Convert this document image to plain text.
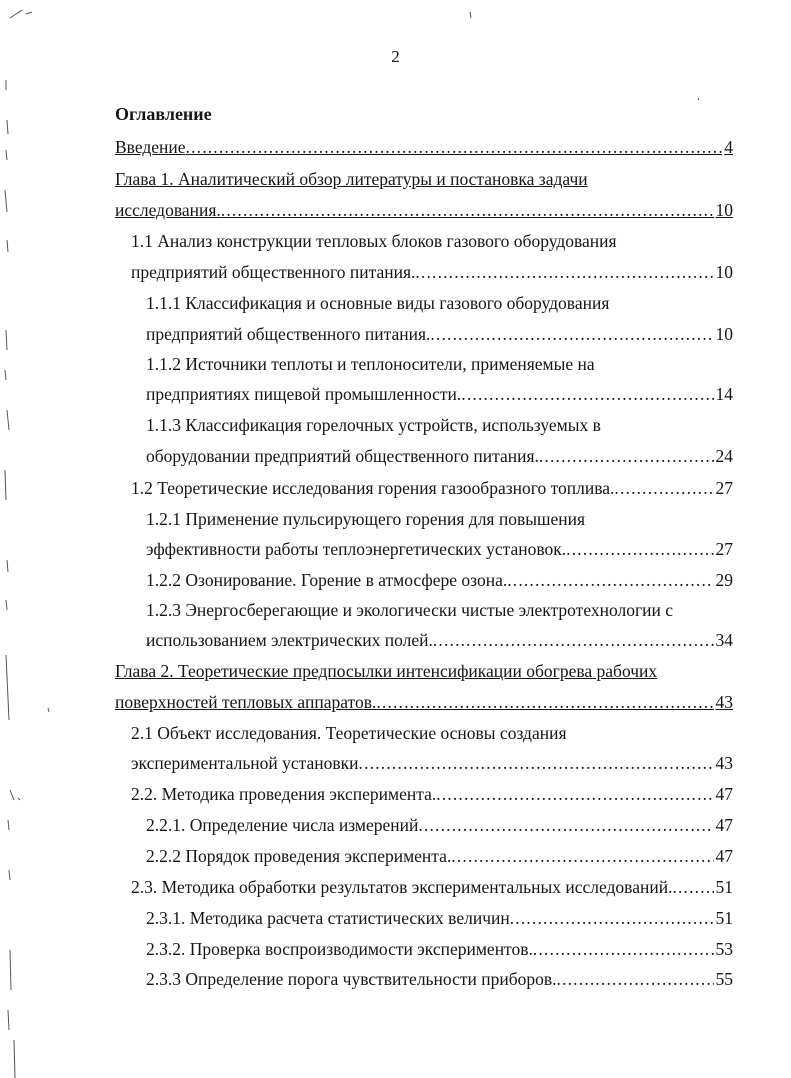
2
Оглавление
Введение . . .	4
Глава 1. Аналитический обзор литературы и постановка задачи
исследования. . . .	10
1.1 Анализ конструкции тепловых блоков газового оборудования
предприятий общественного питания. . . .	10
1.1.1 Классификация и основные виды газового оборудования
предприятий общественного питания. . . .	10
1.1.2 Источники теплоты и теплоносители, применяемые на
предприятиях пищевой промышленности. . . .	14
1.1.3 Классификация горелочных устройств, используемых в
оборудовании предприятий общественного питания. . . .	24
1.2 Теоретические исследования горения газообразного топлива. . . .	27
1.2.1 Применение пульсирующего горения для повышения
эффективности работы теплоэнергетических установок. . . .	27
1.2.2 Озонирование. Горение в атмосфере озона. . . .	29
1.2.3 Энергосберегающие и экологически чистые электротехнологии с
использованием электрических полей. . . .	34
Глава 2. Теоретические предпосылки интенсификации обогрева рабочих
поверхностей тепловых аппаратов. . . .	43
2.1 Объект исследования. Теоретические основы создания
экспериментальной установки . . .	43
2.2. Методика проведения эксперимента. . . .	47
2.2.1. Определение числа измерений . . .	47
2.2.2 Порядок проведения эксперимента. . . .	47
2.3. Методика обработки результатов экспериментальных исследований. . . . 51
2.3.1. Методика расчета статистических величин . . .	51
2.3.2. Проверка воспроизводимости экспериментов. . . .	53
2.3.3 Определение порога чувствительности приборов. . . .	55
